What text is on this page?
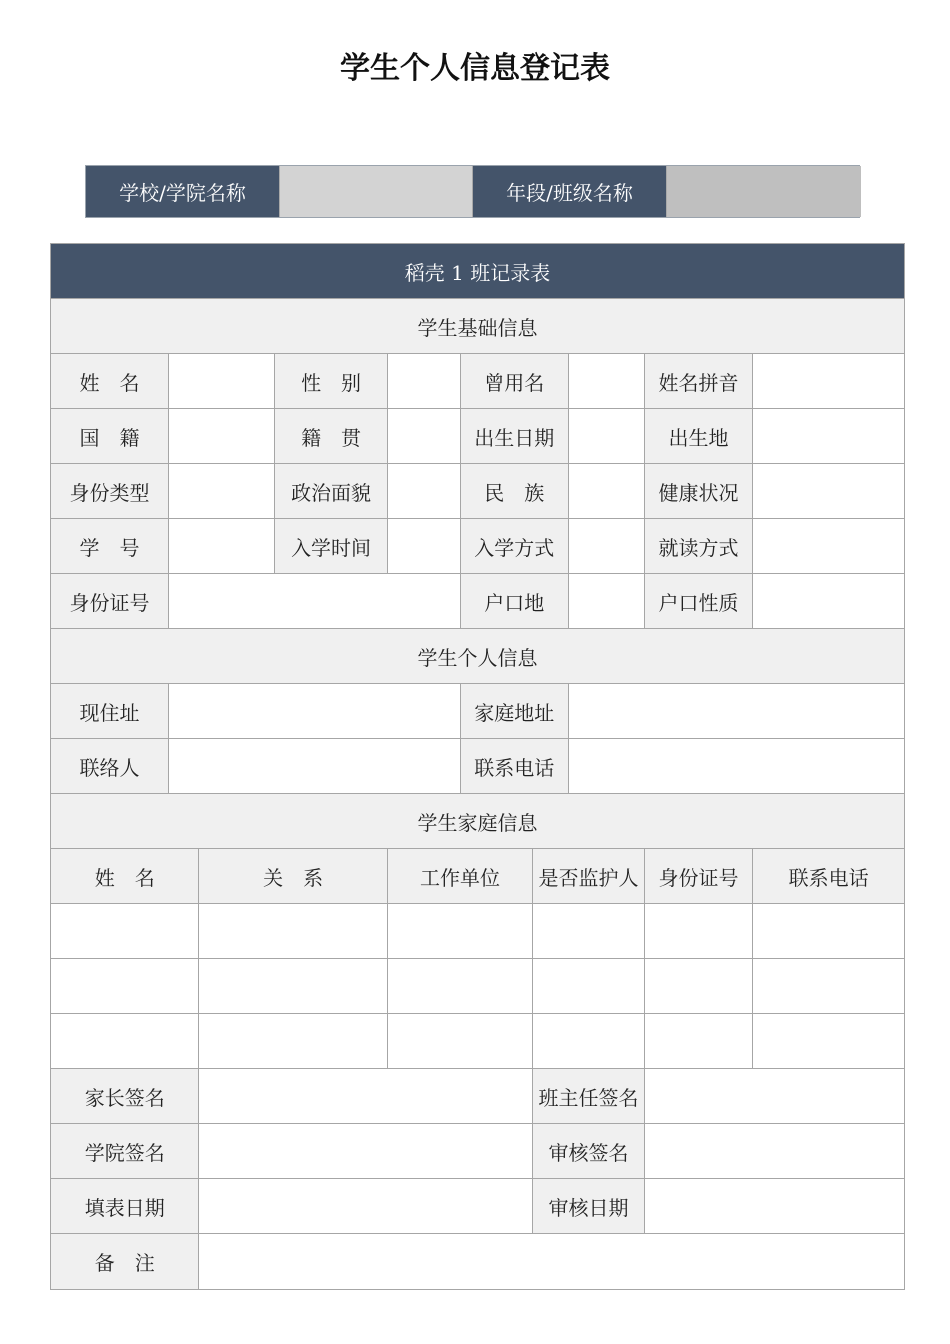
学生个人信息登记表
学校/学院名称	年段/班级名称
稻壳 1 班记录表									
学生基础信息									
姓　名			性　别		曾用名			姓名拼音	
国　籍			籍　贯		出生日期			出生地	
身份类型			政治面貌		民　族			健康状况	
学　号			入学时间		入学方式			就读方式	
身份证号					户口地			户口性质	
学生个人信息									
现住址					家庭地址				
联络人					联系电话				
学生家庭信息									
姓　名		关　系		工作单位		是否监护人		身份证号	联系电话

家长签名						班主任签名			
学院签名						审核签名			
填表日期						审核日期			
备　注									
